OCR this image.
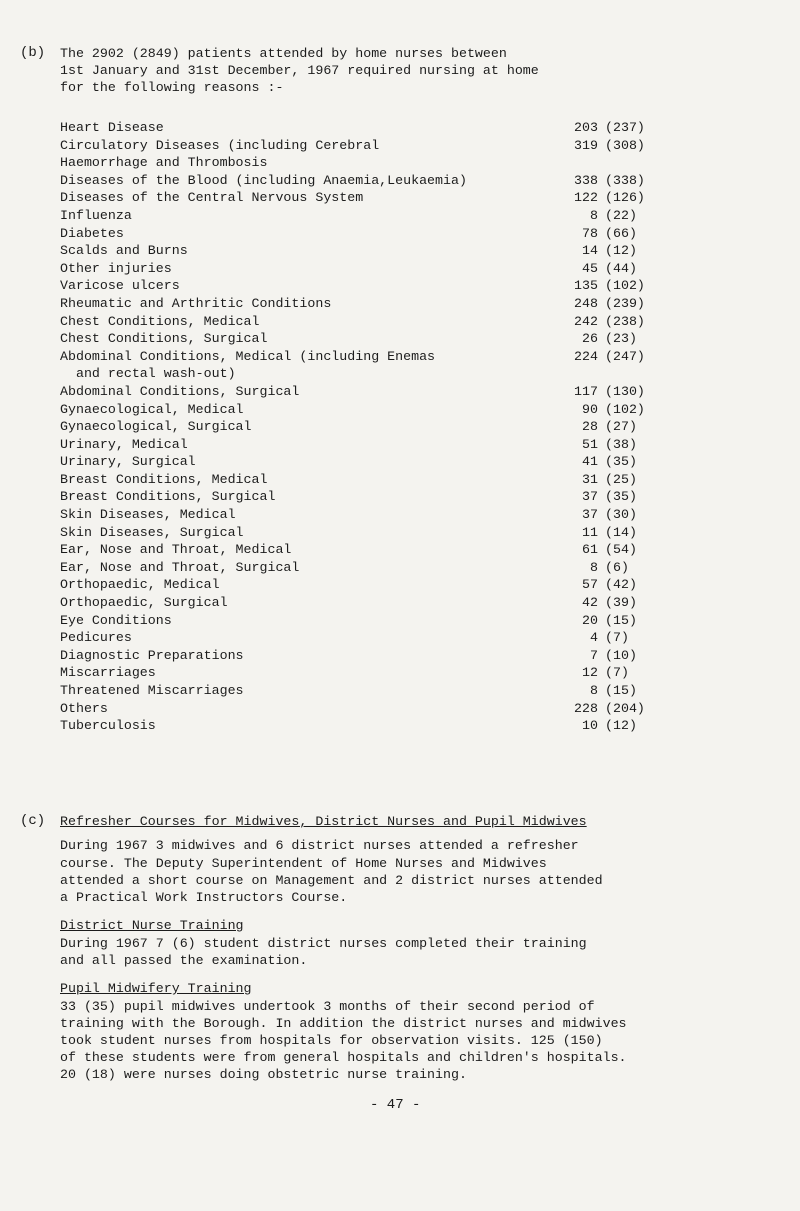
(b) The 2902 (2849) patients attended by home nurses between
1st January and 31st December, 1967 required nursing at home
for the following reasons :-
Heart Disease	203 (237)
Circulatory Diseases (including Cerebral	319 (308)
Haemorrhage and Thrombosis
Diseases of the Blood (including Anaemia,Leukaemia)	338 (338)
Diseases of the Central Nervous System	122 (126)
Influenza	8 (22)
Diabetes	78 (66)
Scalds and Burns	14 (12)
Other injuries	45 (44)
Varicose ulcers	135 (102)
Rheumatic and Arthritic Conditions	248 (239)
Chest Conditions, Medical	242 (238)
Chest Conditions, Surgical	26 (23)
Abdominal Conditions, Medical (including Enemas	224 (247)
and rectal wash-out)
Abdominal Conditions, Surgical	117 (130)
Gynaecological, Medical	90 (102)
Gynaecological, Surgical	28 (27)
Urinary, Medical	51 (38)
Urinary, Surgical	41 (35)
Breast Conditions, Medical	31 (25)
Breast Conditions, Surgical	37 (35)
Skin Diseases, Medical	37 (30)
Skin Diseases, Surgical	11 (14)
Ear, Nose and Throat, Medical	61 (54)
Ear, Nose and Throat, Surgical	8 (6)
Orthopaedic, Medical	57 (42)
Orthopaedic, Surgical	42 (39)
Eye Conditions	20 (15)
Pedicures	4 (7)
Diagnostic Preparations	7 (10)
Miscarriages	12 (7)
Threatened Miscarriages	8 (15)
Others	228 (204)
Tuberculosis	10 (12)
(c) Refresher Courses for Midwives, District Nurses and Pupil Midwives
During 1967 3 midwives and 6 district nurses attended a refresher
course. The Deputy Superintendent of Home Nurses and Midwives
attended a short course on Management and 2 district nurses attended
a Practical Work Instructors Course.
District Nurse Training
During 1967 7 (6) student district nurses completed their training
and all passed the examination.
Pupil Midwifery Training
33 (35) pupil midwives undertook 3 months of their second period of
training with the Borough. In addition the district nurses and midwives
took student nurses from hospitals for observation visits. 125 (150)
of these students were from general hospitals and children's hospitals.
20 (18) were nurses doing obstetric nurse training.
- 47 -
